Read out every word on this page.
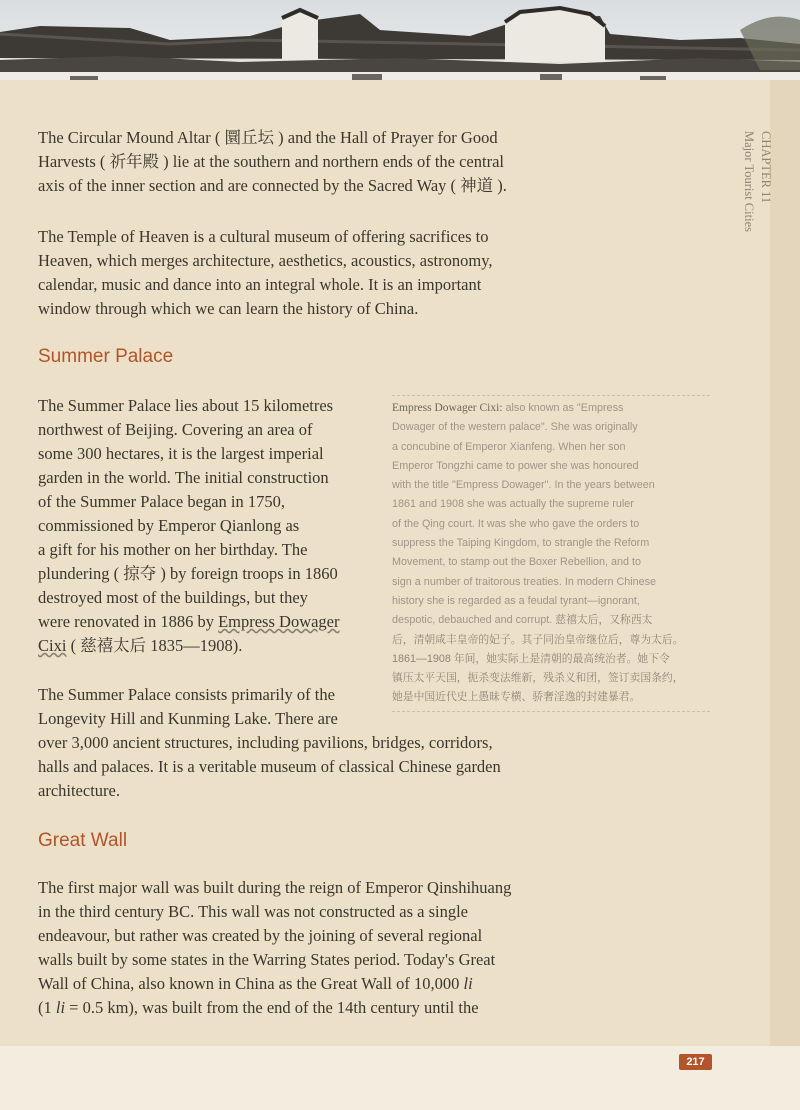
CHAPTER 11
Major Tourist Cities
The Circular Mound Altar ( 圜丘坛 ) and the Hall of Prayer for Good
Harvests ( 祈年殿 ) lie at the southern and northern ends of the central
axis of the inner section and are connected by the Sacred Way ( 神道 ).
The Temple of Heaven is a cultural museum of offering sacrifices to
Heaven, which merges architecture, aesthetics, acoustics, astronomy,
calendar, music and dance into an integral whole. It is an important
window through which we can learn the history of China.
Summer Palace
The Summer Palace lies about 15 kilometres
northwest of Beijing. Covering an area of
some 300 hectares, it is the largest imperial
garden in the world. The initial construction
of the Summer Palace began in 1750,
commissioned by Emperor Qianlong as
a gift for his mother on her birthday. The
plundering ( 掠夺 ) by foreign troops in 1860
destroyed most of the buildings, but they
were renovated in 1886 by Empress Dowager
Cixi ( 慈禧太后 1835—1908).
The Summer Palace consists primarily of the
Longevity Hill and Kunming Lake. There are
over 3,000 ancient structures, including pavilions, bridges, corridors,
halls and palaces. It is a veritable museum of classical Chinese garden
architecture.
Empress Dowager Cixi: also known as "Empress
Dowager of the western palace". She was originally
a concubine of Emperor Xianfeng. When her son
Emperor Tongzhi came to power she was honoured
with the title "Empress Dowager". In the years between
1861 and 1908 she was actually the supreme ruler
of the Qing court. It was she who gave the orders to
suppress the Taiping Kingdom, to strangle the Reform
Movement, to stamp out the Boxer Rebellion, and to
sign a number of traitorous treaties. In modern Chinese
history she is regarded as a feudal tyrant—ignorant,
despotic, debauched and corrupt. 慈禧太后，又称西太
后，清朝咸丰皇帝的妃子。其子同治皇帝继位后，尊为太后。
1861—1908 年间，她实际上是清朝的最高统治者。她下令
镇压太平天国，扼杀变法维新，残杀义和团，签订卖国条约，
她是中国近代史上愚昧专横、骄奢淫逸的封建暴君。
Great Wall
The first major wall was built during the reign of Emperor Qinshihuang
in the third century BC. This wall was not constructed as a single
endeavour, but rather was created by the joining of several regional
walls built by some states in the Warring States period. Today's Great
Wall of China, also known in China as the Great Wall of 10,000 li
(1 li = 0.5 km), was built from the end of the 14th century until the
217
